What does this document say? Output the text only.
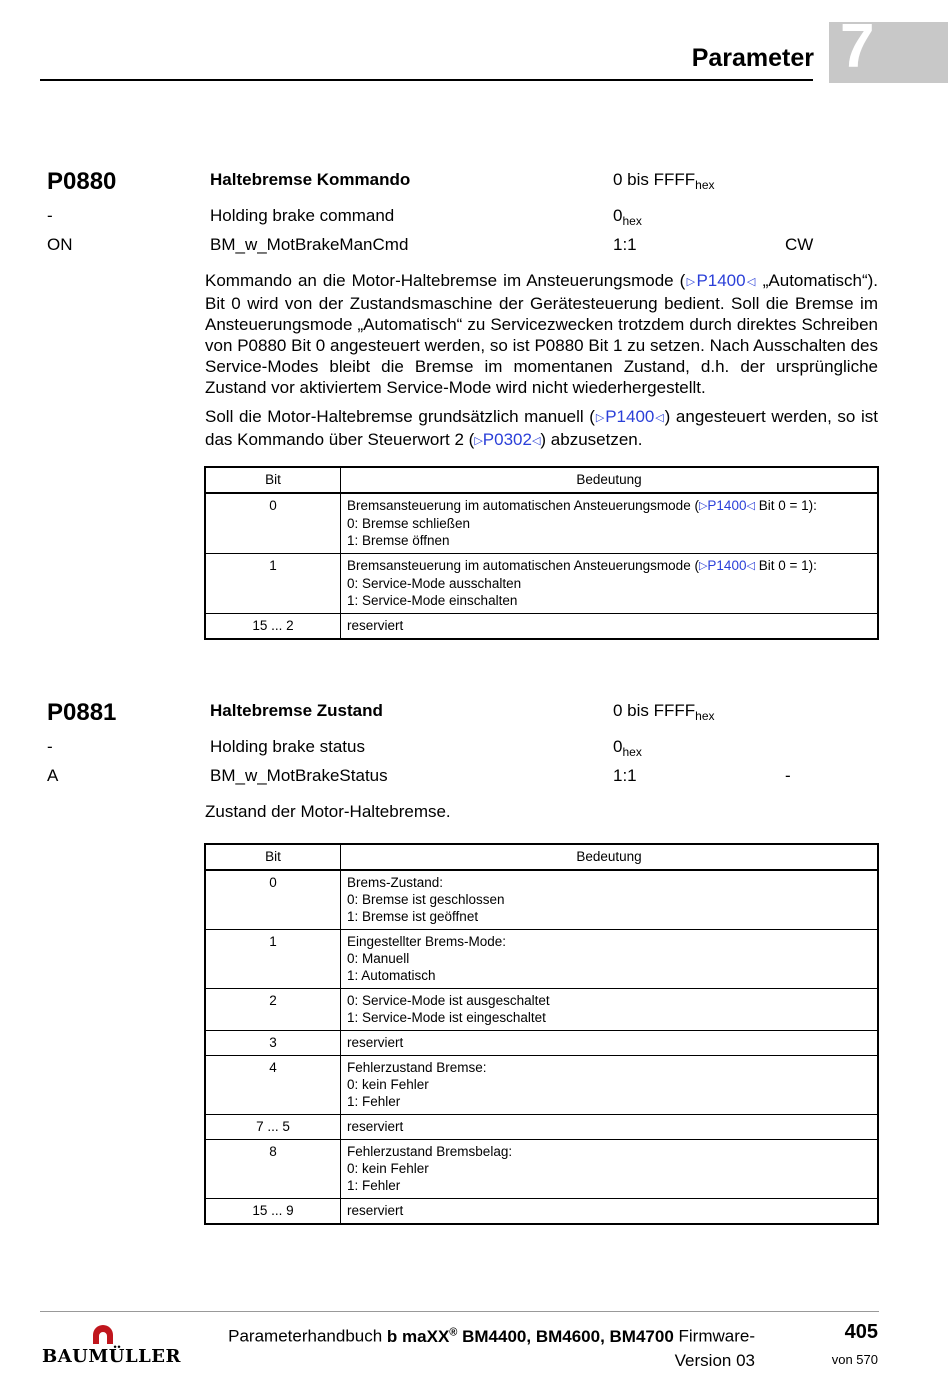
Parameter 7
P0880	Haltebremse Kommando	0 bis $FFFF_{hex}$
-	Holding brake command	$0_{hex}$
ON	BM_w_MotBrakeManCmd	1:1	CW

Kommando an die Motor-Haltebremse im Ansteuerungsmode (▷P1400◁ „Automatisch“). Bit 0 wird von der Zustandsmaschine der Gerätesteuerung bedient. Soll die Bremse im Ansteuerungsmode „Automatisch“ zu Servicezwecken trotzdem durch direktes Schreiben von P0880 Bit 0 angesteuert werden, so ist P0880 Bit 1 zu setzen. Nach Ausschalten des Service-Modes bleibt die Bremse im momentanen Zustand, d.h. der ursprüngliche Zustand vor aktiviertem Service-Mode wird nicht wiederhergestellt.

Soll die Motor-Haltebremse grundsätzlich manuell (▷P1400◁) angesteuert werden, so ist das Kommando über Steuerwort 2 (▷P0302◁) abzusetzen.

Bit	Bedeutung
0	Bremsansteuerung im automatischen Ansteuerungsmode (▷P1400◁ Bit 0 = 1):
0: Bremse schließen
1: Bremse öffnen

1	Bremsansteuerung im automatischen Ansteuerungsmode (▷P1400◁ Bit 0 = 1):
0: Service-Mode ausschalten
1: Service-Mode einschalten

15 ... 2	reserviert
P0881	Haltebremse Zustand	0 bis $FFFF_{hex}$
-	Holding brake status	$0_{hex}$
A	BM_w_MotBrakeStatus	1:1	-

Zustand der Motor-Haltebremse.

Bit	Bedeutung
0	Brems-Zustand:
0: Bremse ist geschlossen
1: Bremse ist geöffnet

1	Eingestellter Brems-Mode:
0: Manuell
1: Automatisch

2	0: Service-Mode ist ausgeschaltet
1: Service-Mode ist eingeschaltet

3	reserviert

4	Fehlerzustand Bremse:
0: kein Fehler
1: Fehler

7 ... 5	reserviert

8	Fehlerzustand Bremsbelag:
0: kein Fehler
1: Fehler

15 ... 9	reserviert
BAUMÜLLER
Parameterhandbuch b maXX® BM4400, BM4600, BM4700 Firmware-
Version 03
405
von 570
